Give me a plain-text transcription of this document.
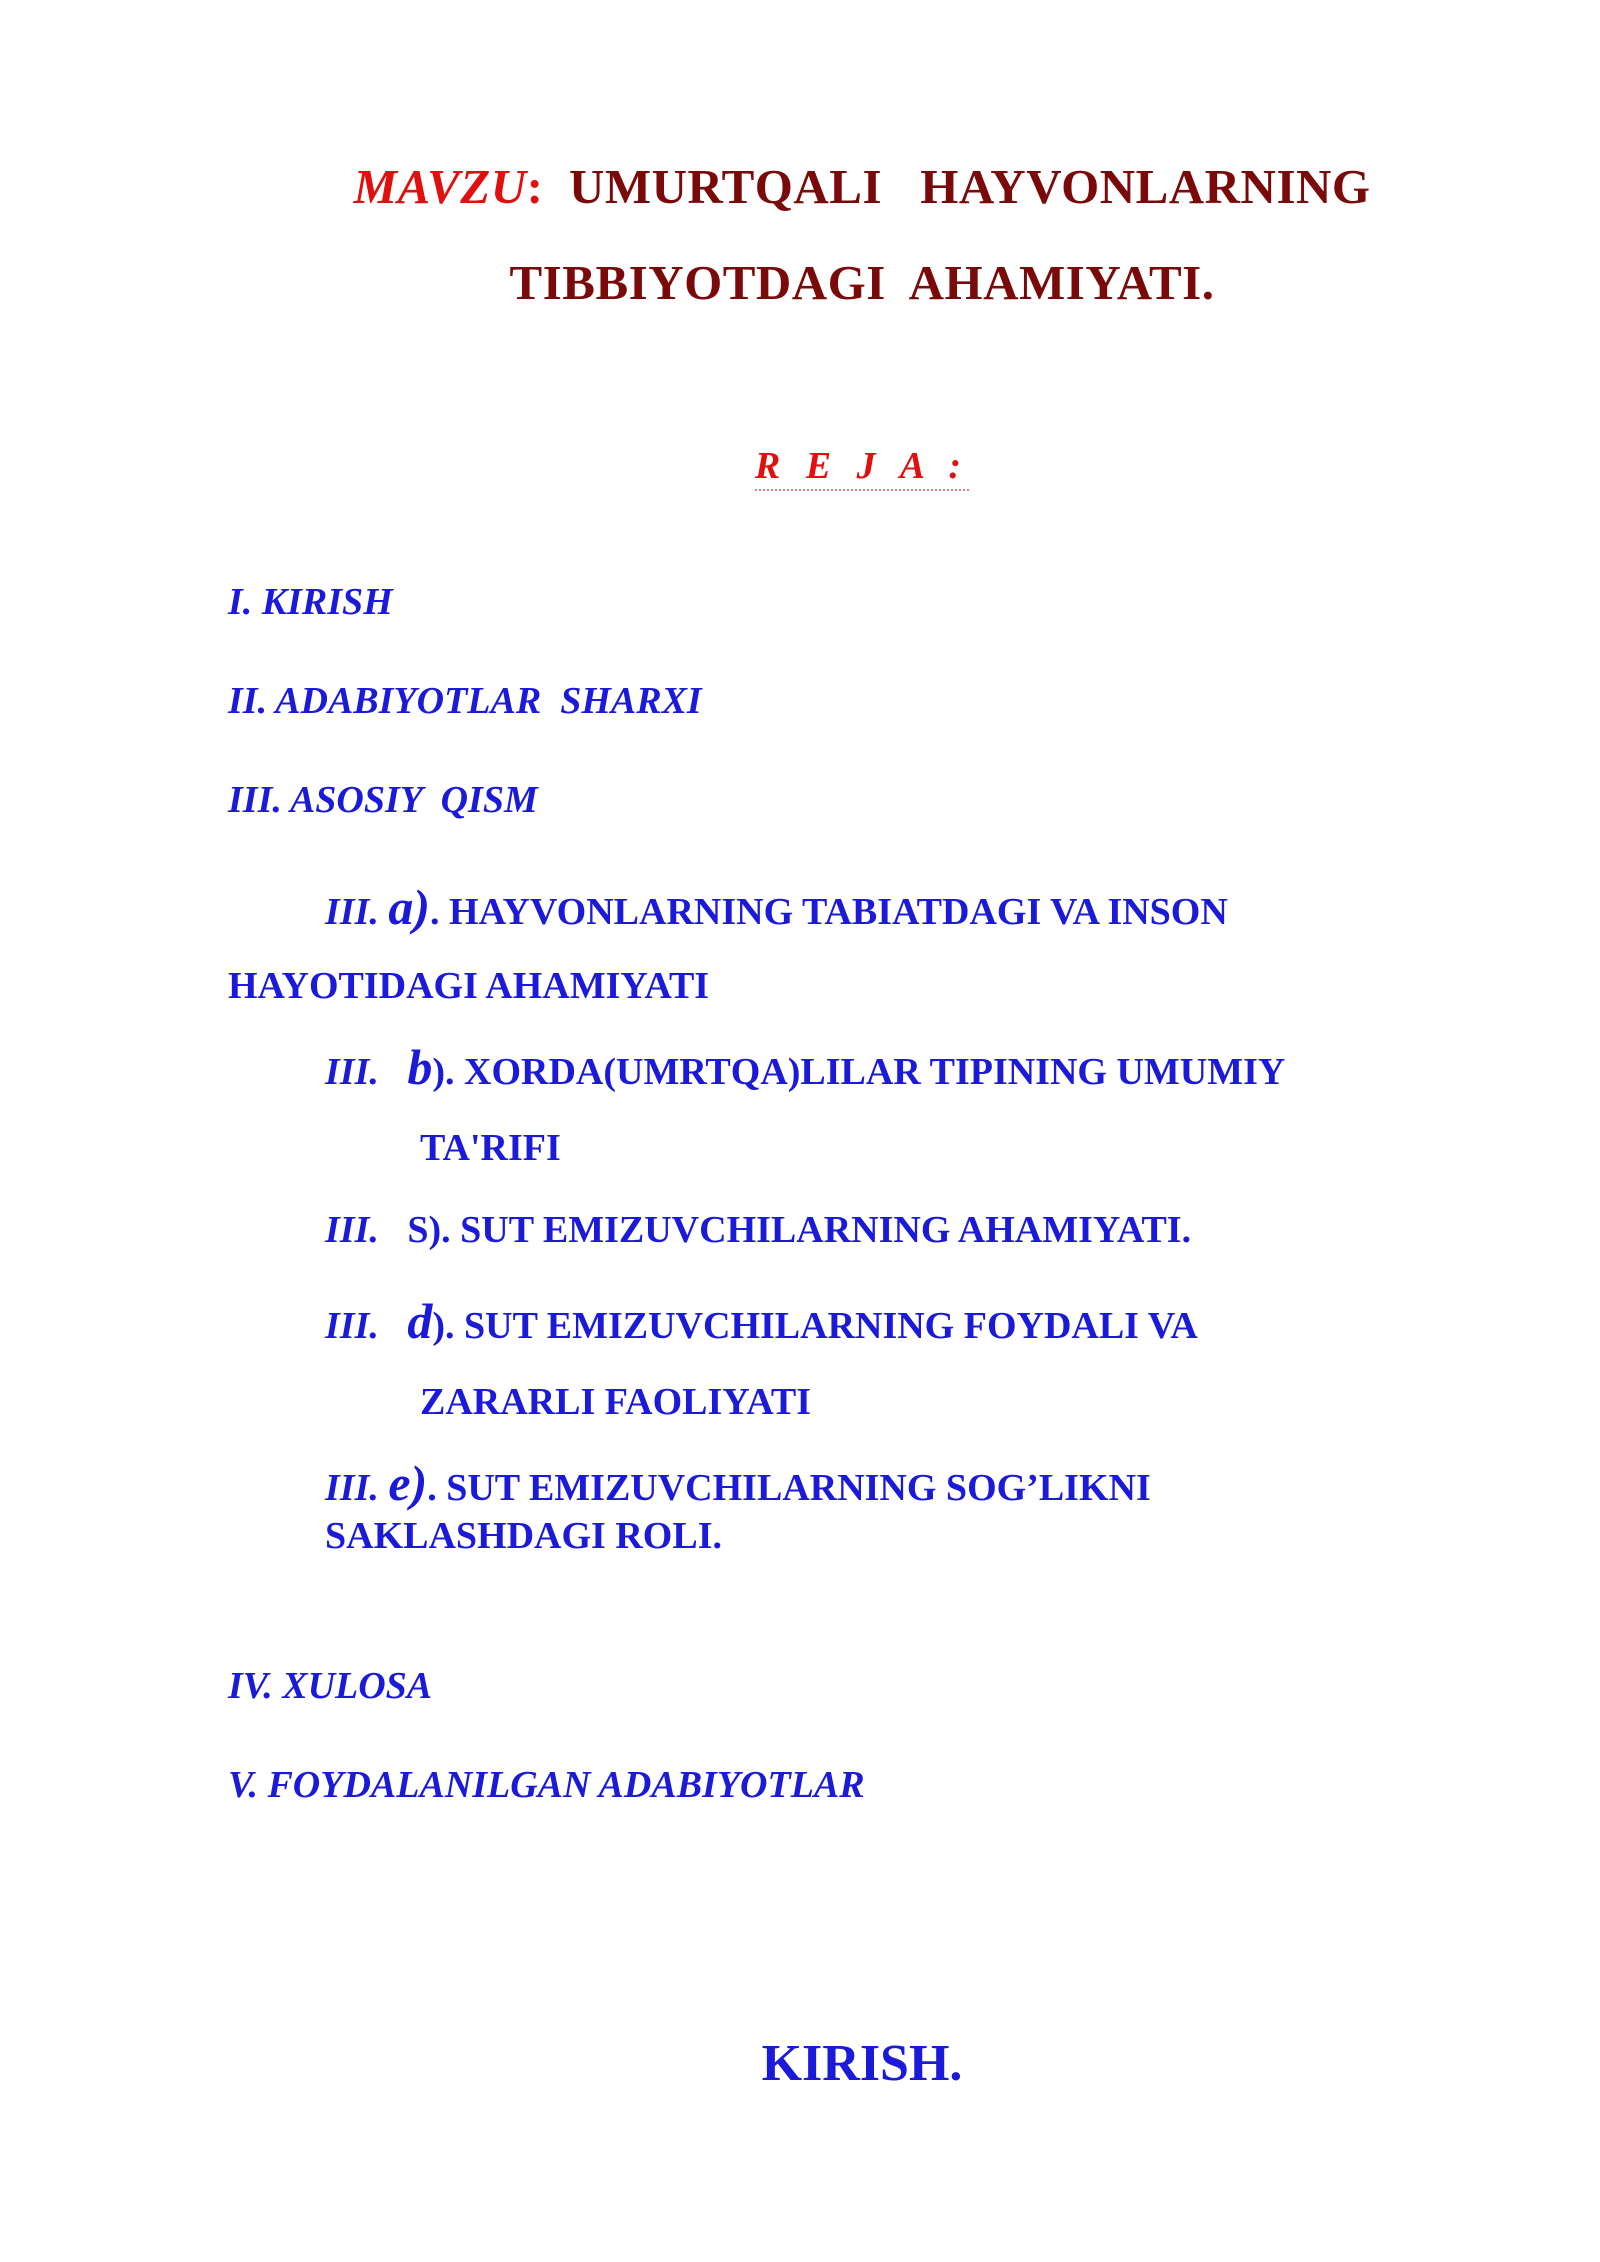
MAVZU: UMURTQALI   HAYVONLARNING
TIBBIYOTDAGI  AHAMIYATI.
R E J A :
I. KIRISH
II. ADABIYOTLAR  SHARXI
III. ASOSIY  QISM
III. a). HAYVONLARNING TABIATDAGI VA INSON
HAYOTIDAGI AHAMIYATI
III. b). XORDA(UMRTQA)LILAR TIPINING UMUMIY
TA'RIFI
III. S). SUT EMIZUVCHILARNING AHAMIYATI.
III. d). SUT EMIZUVCHILARNING FOYDALI VA
ZARARLI FAOLIYATI
III. e). SUT EMIZUVCHILARNING SOG’LIKNI
SAKLASHDAGI ROLI.
IV. XULOSA
V. FOYDALANILGAN ADABIYOTLAR
KIRISH.
